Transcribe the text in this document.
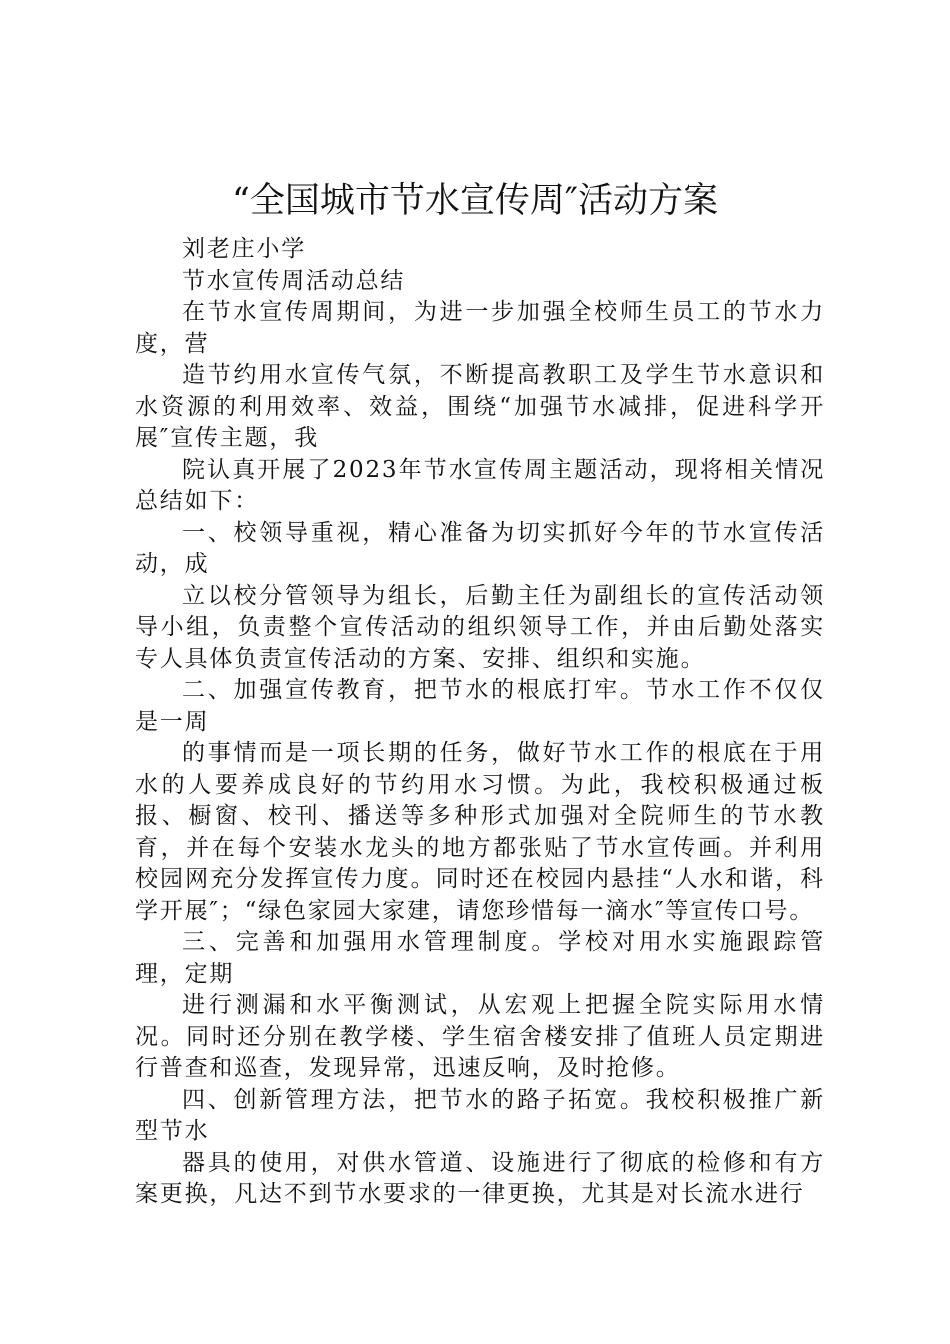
“全国城市节水宣传周″活动方案

刘老庄小学

节水宣传周活动总结

在节水宣传周期间，为进一步加强全校师生员工的节水力度，营

造节约用水宣传气氛，不断提高教职工及学生节水意识和水资源的利用效率、效益，围绕“加强节水减排，促进科学开展″宣传主题，我

院认真开展了2023年节水宣传周主题活动，现将相关情况总结如下：

一、校领导重视，精心准备为切实抓好今年的节水宣传活动，成

立以校分管领导为组长，后勤主任为副组长的宣传活动领导小组，负责整个宣传活动的组织领导工作，并由后勤处落实专人具体负责宣传活动的方案、安排、组织和实施。

二、加强宣传教育，把节水的根底打牢。节水工作不仅仅是一周

的事情而是一项长期的任务，做好节水工作的根底在于用水的人要养成良好的节约用水习惯。为此，我校积极通过板报、橱窗、校刊、播送等多种形式加强对全院师生的节水教育，并在每个安装水龙头的地方都张贴了节水宣传画。并利用校园网充分发挥宣传力度。同时还在校园内悬挂“人水和谐，科学开展″；“绿色家园大家建，请您珍惜每一滴水″等宣传口号。

三、完善和加强用水管理制度。学校对用水实施跟踪管理，定期

进行测漏和水平衡测试，从宏观上把握全院实际用水情况。同时还分别在教学楼、学生宿舍楼安排了值班人员定期进行普查和巡查，发现异常，迅速反响，及时抢修。

四、创新管理方法，把节水的路子拓宽。我校积极推广新型节水

器具的使用，对供水管道、设施进行了彻底的检修和有方案更换，凡达不到节水要求的一律更换，尤其是对长流水进行
